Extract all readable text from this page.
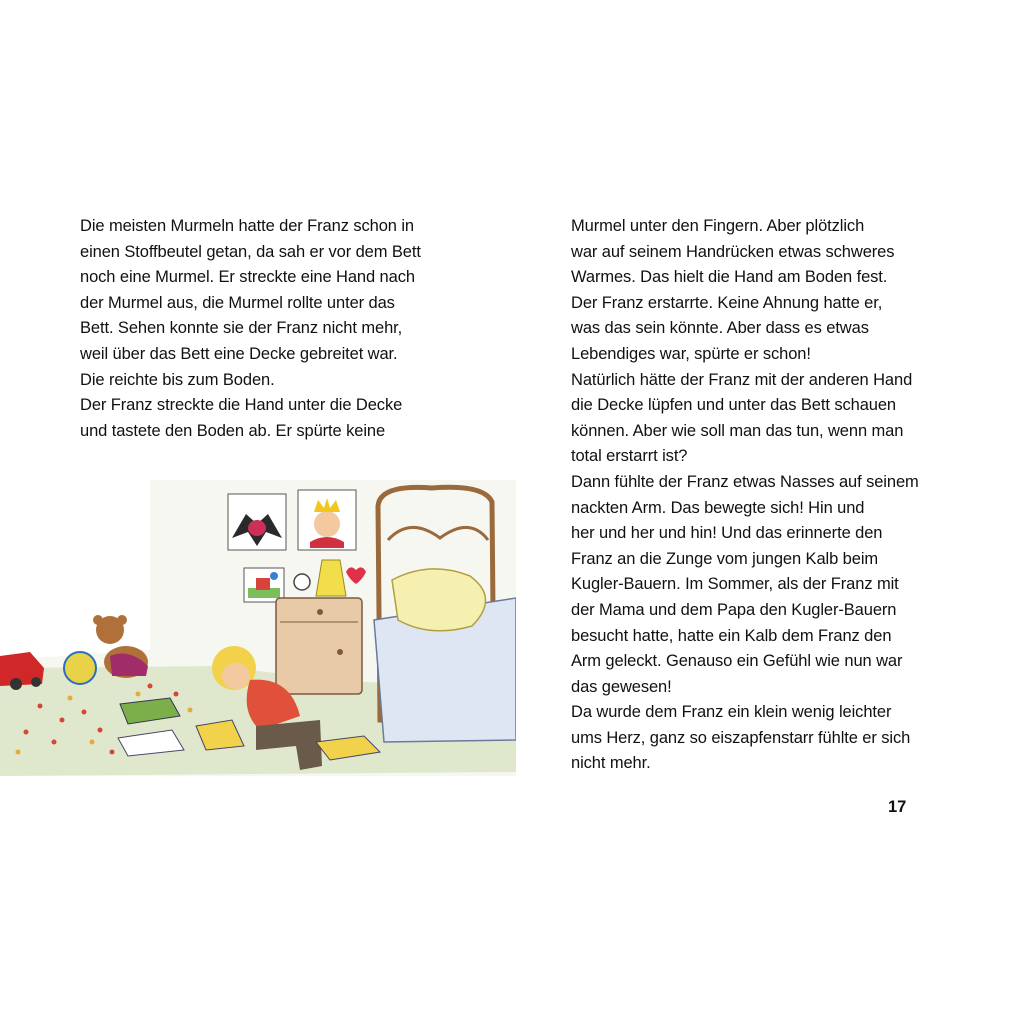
Die meisten Murmeln hatte der Franz schon in
einen Stoffbeutel getan, da sah er vor dem Bett
noch eine Murmel. Er streckte eine Hand nach
der Murmel aus, die Murmel rollte unter das
Bett. Sehen konnte sie der Franz nicht mehr,
weil über das Bett eine Decke gebreitet war.
Die reichte bis zum Boden.
Der Franz streckte die Hand unter die Decke
und tastete den Boden ab. Er spürte keine
Murmel unter den Fingern. Aber plötzlich
war auf seinem Handrücken etwas schweres
Warmes. Das hielt die Hand am Boden fest.
Der Franz erstarrte. Keine Ahnung hatte er,
was das sein könnte. Aber dass es etwas
Lebendiges war, spürte er schon!
Natürlich hätte der Franz mit der anderen Hand
die Decke lüpfen und unter das Bett schauen
können. Aber wie soll man das tun, wenn man
total erstarrt ist?
Dann fühlte der Franz etwas Nasses auf seinem
nackten Arm. Das bewegte sich! Hin und
her und her und hin! Und das erinnerte den
Franz an die Zunge vom jungen Kalb beim
Kugler-Bauern. Im Sommer, als der Franz mit
der Mama und dem Papa den Kugler-Bauern
besucht hatte, hatte ein Kalb dem Franz den
Arm geleckt. Genauso ein Gefühl wie nun war
das gewesen!
Da wurde dem Franz ein klein wenig leichter
ums Herz, ganz so eiszapfenstarr fühlte er sich
nicht mehr.
17
